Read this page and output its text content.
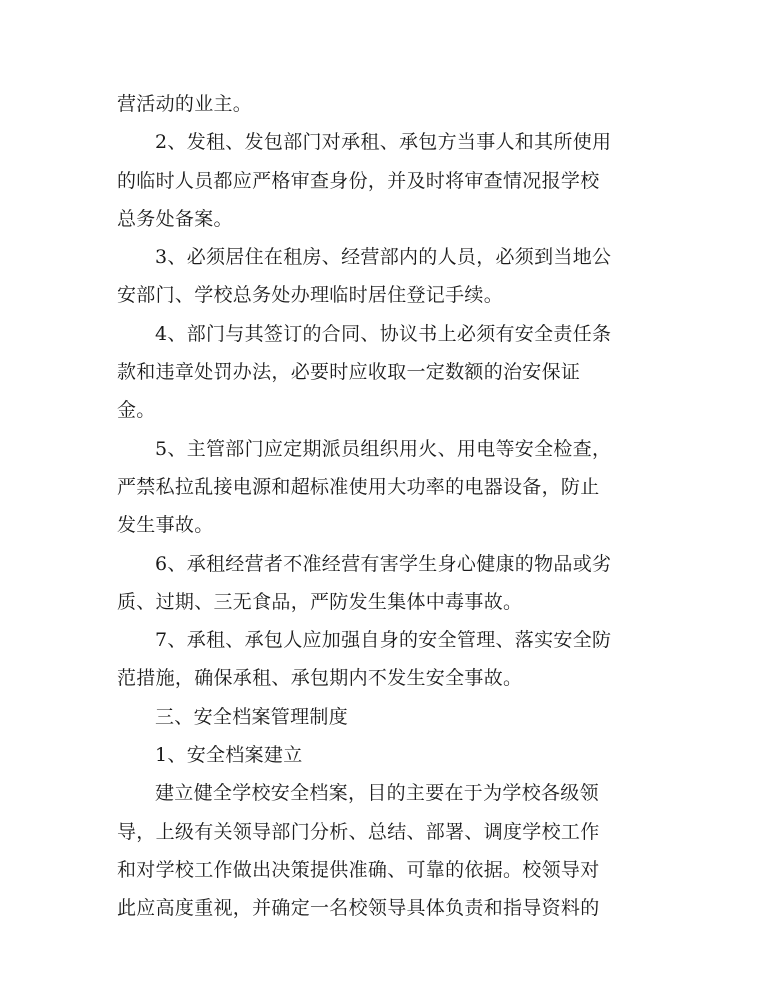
营活动的业主。
2、发租、发包部门对承租、承包方当事人和其所使用
的临时人员都应严格审查身份，并及时将审查情况报学校
总务处备案。
3、必须居住在租房、经营部内的人员，必须到当地公
安部门、学校总务处办理临时居住登记手续。
4、部门与其签订的合同、协议书上必须有安全责任条
款和违章处罚办法，必要时应收取一定数额的治安保证
金。
5、主管部门应定期派员组织用火、用电等安全检查，
严禁私拉乱接电源和超标准使用大功率的电器设备，防止
发生事故。
6、承租经营者不准经营有害学生身心健康的物品或劣
质、过期、三无食品，严防发生集体中毒事故。
7、承租、承包人应加强自身的安全管理、落实安全防
范措施，确保承租、承包期内不发生安全事故。
三、安全档案管理制度
1、安全档案建立
建立健全学校安全档案，目的主要在于为学校各级领
导，上级有关领导部门分析、总结、部署、调度学校工作
和对学校工作做出决策提供准确、可靠的依据。校领导对
此应高度重视，并确定一名校领导具体负责和指导资料的
